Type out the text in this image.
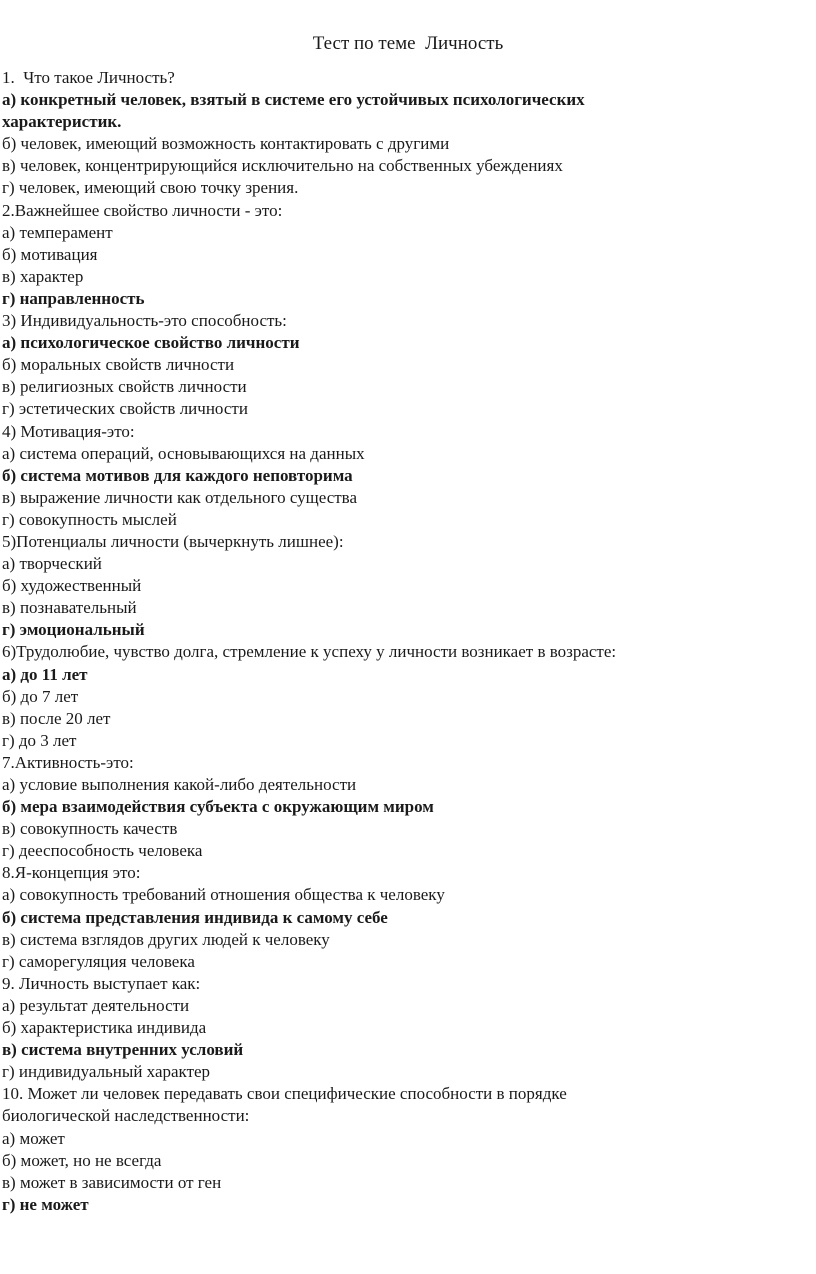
Тест по теме  Личность
1.  Что такое Личность?
а) конкретный человек, взятый в системе его устойчивых психологических
характеристик.
б) человек, имеющий возможность контактировать с другими
в) человек, концентрирующийся исключительно на собственных убеждениях
г) человек, имеющий свою точку зрения.
2.Важнейшее свойство личности - это:
а) темперамент
б) мотивация
в) характер
г) направленность
3) Индивидуальность-это способность:
а) психологическое свойство личности
б) моральных свойств личности
в) религиозных свойств личности
г) эстетических свойств личности
4) Мотивация-это:
а) система операций, основывающихся на данных
б) система мотивов для каждого неповторима
в) выражение личности как отдельного существа
г) совокупность мыслей
5)Потенциалы личности (вычеркнуть лишнее):
а) творческий
б) художественный
в) познавательный
г) эмоциональный
6)Трудолюбие, чувство долга, стремление к успеху у личности возникает в возрасте:
а) до 11 лет
б) до 7 лет
в) после 20 лет
г) до 3 лет
7.Активность-это:
а) условие выполнения какой-либо деятельности
б) мера взаимодействия субъекта с окружающим миром
в) совокупность качеств
г) дееспособность человека
8.Я-концепция это:
а) совокупность требований отношения общества к человеку
б) система представления индивида к самому себе
в) система взглядов других людей к человеку
г) саморегуляция человека
9. Личность выступает как:
а) результат деятельности
б) характеристика индивида
в) система внутренних условий
г) индивидуальный характер
10. Может ли человек передавать свои специфические способности в порядке
биологической наследственности:
а) может
б) может, но не всегда
в) может в зависимости от ген
г) не может
